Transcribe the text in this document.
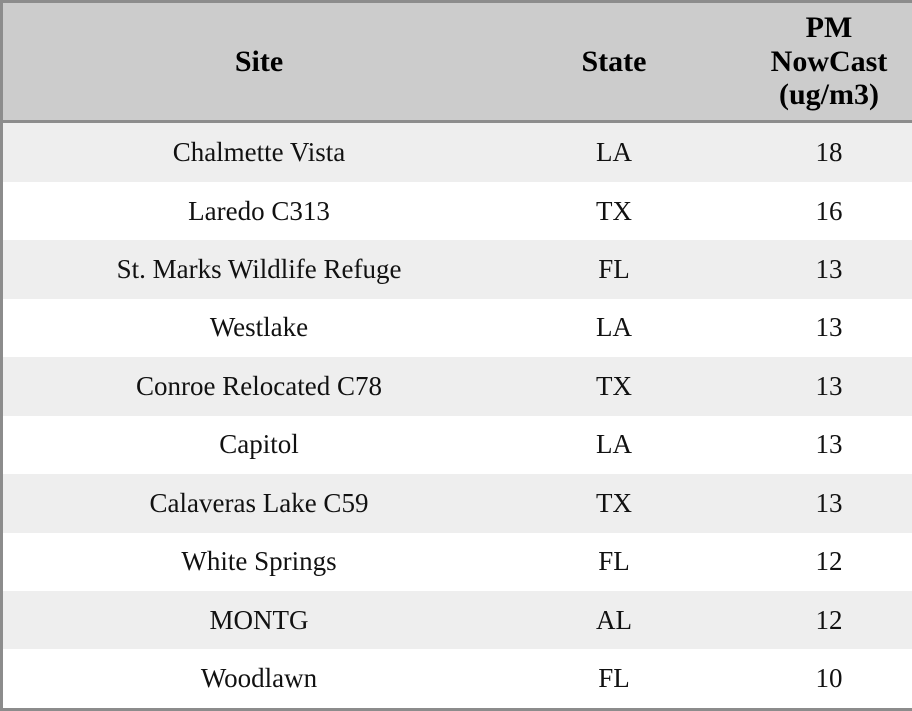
Site	State	PM
NowCast
(ug/m3)

Chalmette Vista	LA	18
Laredo C313	TX	16
St. Marks Wildlife Refuge	FL	13
Westlake	LA	13
Conroe Relocated C78	TX	13
Capitol	LA	13
Calaveras Lake C59	TX	13
White Springs	FL	12
MONTG	AL	12
Woodlawn	FL	10
